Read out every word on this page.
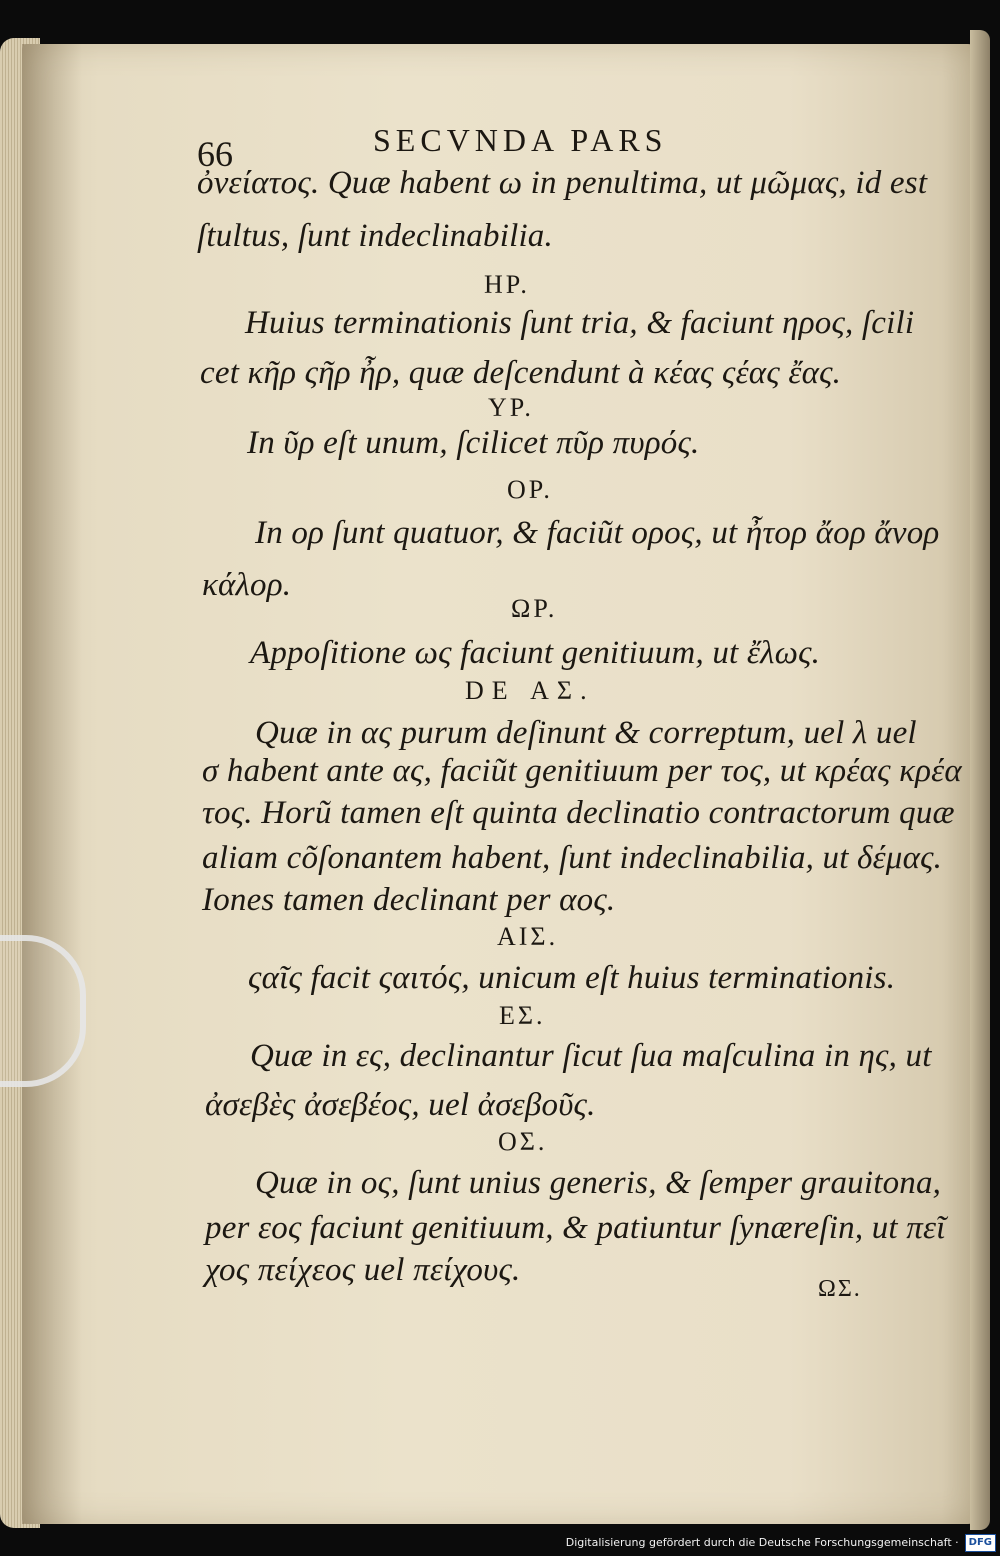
66	SECVNDA PARS
ὀνείατος. Quæ habent ω in penultima, ut μῶμας, id est
ſtultus, ſunt indeclinabilia.
ΗΡ.
Huius terminationis ſunt tria, & faciunt ηρος, ſcili
cet κῆρ ςῆρ ἦρ, quæ deſcendunt à κέας ςέας ἔας.
ΥΡ.
In ῦρ eſt unum, ſcilicet πῦρ πυρός.
ΟΡ.
In ορ ſunt quatuor, & faciũt ορος, ut ἦτορ ἄορ ἄνορ
κάλορ.
ΩΡ.
Appoſitione ως faciunt genitiuum, ut ἔλως.
DE ΑΣ.
Quæ in ας purum deſinunt & correptum, uel λ uel
σ habent ante ας, faciũt genitiuum per τος, ut κρέας κρέα
τος. Horũ tamen eſt quinta declinatio contractorum quæ
aliam cõſonantem habent, ſunt indeclinabilia, ut δέμας.
Iones tamen declinant per αος.
ΑΙΣ.
ςαῖς facit ςαιτός, unicum eſt huius terminationis.
ΕΣ.
Quæ in ες, declinantur ſicut ſua maſculina in ης, ut
ἀσεβὲς ἀσεβέος, uel ἀσεβοῦς.
ΟΣ.
Quæ in ος, ſunt unius generis, & ſemper grauitona,
per εος faciunt genitiuum, & patiuntur ſynæreſin, ut πεῖ
χος πείχεος uel πείχους.
ΩΣ.
Digitalisierung gefördert durch die Deutsche Forschungsgemeinschaft · DFG
